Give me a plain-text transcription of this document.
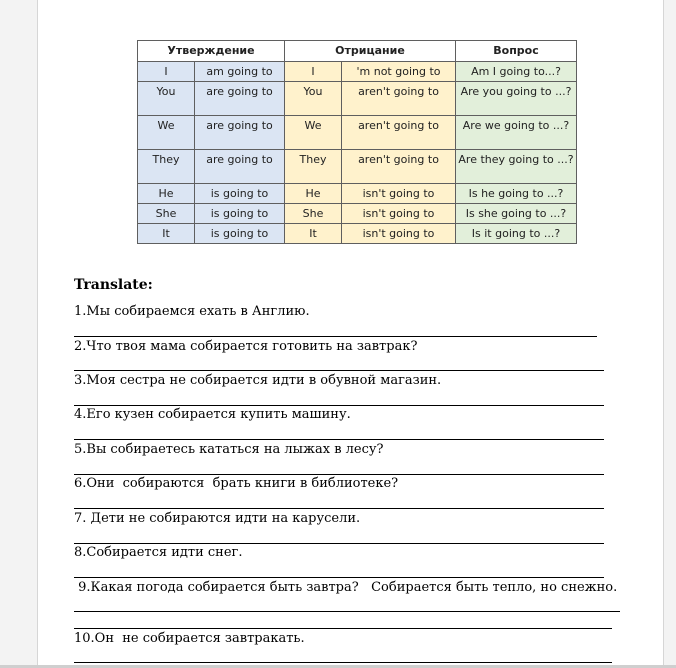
Утверждение		Отрицание		Вопрос
I	am going to	I	'm not going to	Am I going to...?
You	are going to	You	aren't going to	Are you going to ...?
We	are going to	We	aren't going to	Are we going to ...?
They	are going to	They	aren't going to	Are they going to ...?
He	is going to	He	isn't going to	Is he going to ...?
She	is going to	She	isn't going to	Is she going to ...?
It	is going to	It	isn't going to	Is it going to ...?
Translate:
1.Мы собираемся ехать в Англию.
2.Что твоя мама собирается готовить на завтрак?
3.Моя сестра не собирается идти в обувной магазин.
4.Его кузен собирается купить машину.
5.Вы собираетесь кататься на лыжах в лесу?
6.Они  собираются  брать книги в библиотеке?
7. Дети не собираются идти на карусели.
8.Собирается идти снег.
9.Какая погода собирается быть завтра?   Собирается быть тепло, но снежно.
10.Он  не собирается завтракать.
